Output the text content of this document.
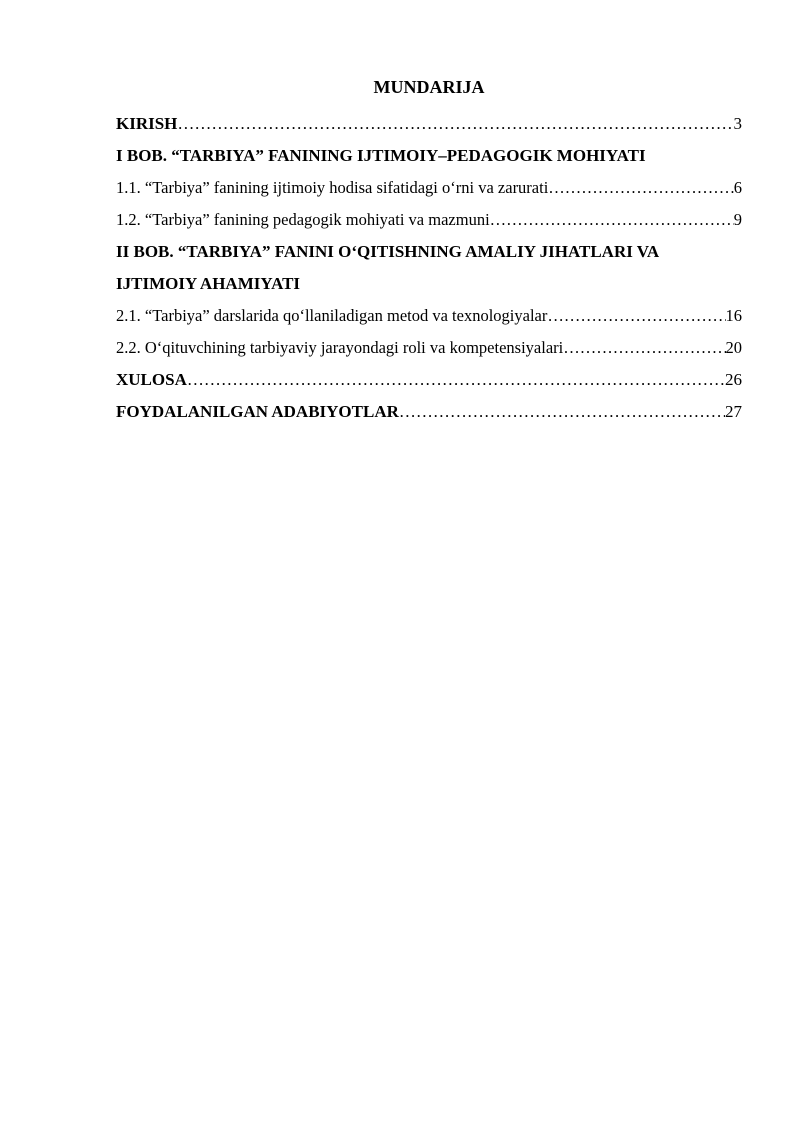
MUNDARIJA
KIRISH ………………………………………………………………………………………………………………………………………………………	3
I BOB. “TARBIYA” FANINING IJTIMOIY–PEDAGOGIK MOHIYATI
1.1. “Tarbiya” fanining ijtimoiy hodisa sifatidagi o‘rni va zarurati ………………………………………………………………………………………………………………………………………………………	6
1.2. “Tarbiya” fanining pedagogik mohiyati va mazmuni ………………………………………………………………………………………………………………………………………………………	9
II BOB. “TARBIYA” FANINI O‘QITISHNING AMALIY JIHATLARI VA
IJTIMOIY AHAMIYATI
2.1. “Tarbiya” darslarida qo‘llaniladigan metod va texnologiyalar ………………………………………………………………………………………………………………………………………………………	16
2.2. O‘qituvchining tarbiyaviy jarayondagi roli va kompetensiyalari ………………………………………………………………………………………………………………………………………………………	20
XULOSA ………………………………………………………………………………………………………………………………………………………	26
FOYDALANILGAN ADABIYOTLAR ………………………………………………………………………………………………………………………………………………………	27
